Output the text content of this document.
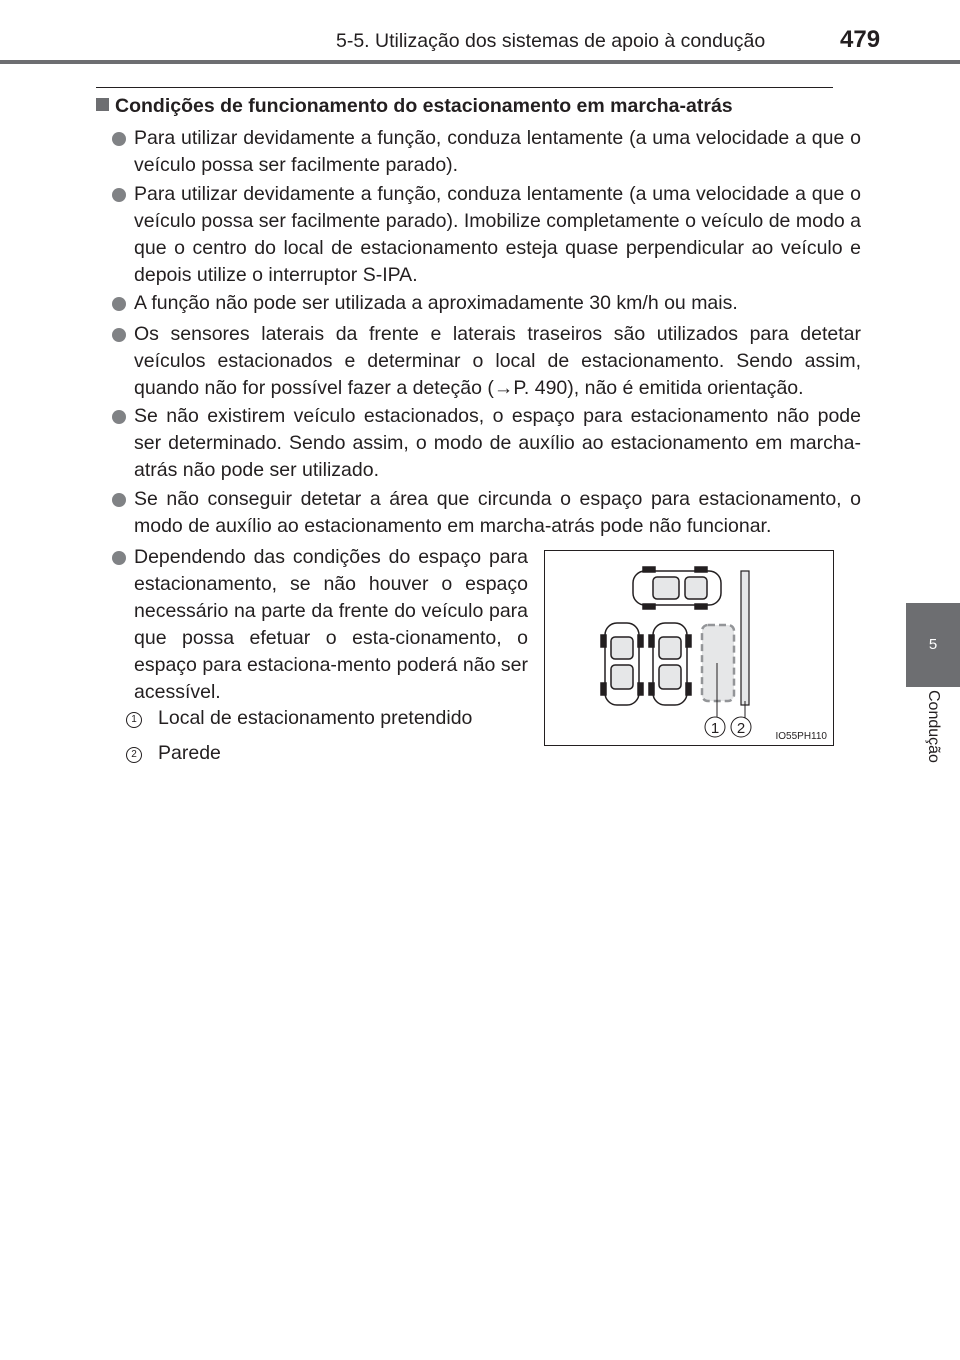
5-5. Utilização dos sistemas de apoio à condução	479
5
Condução
Condições de funcionamento do estacionamento em marcha-atrás
Para utilizar devidamente a função, conduza lentamente (a uma velocidade a que o veículo possa ser facilmente parado).
Para utilizar devidamente a função, conduza lentamente (a uma velocidade a que o veículo possa ser facilmente parado). Imobilize completamente o veículo de modo a que o centro do local de estacionamento esteja quase perpendicular ao veículo e depois utilize o interruptor S-IPA.
A função não pode ser utilizada a aproximadamente 30 km/h ou mais.
Os sensores laterais da frente e laterais traseiros são utilizados para detetar veículos estacionados e determinar o local de estacionamento. Sendo assim, quando não for possível fazer a deteção (→P. 490), não é emitida orientação.
Se não existirem veículo estacionados, o espaço para estacionamento não pode ser determinado. Sendo assim, o modo de auxílio ao estacionamento em marcha-atrás não pode ser utilizado.
Se não conseguir detetar a área que circunda o espaço para estacionamento, o modo de auxílio ao estacionamento em marcha-atrás pode não funcionar.
Dependendo das condições do espaço para estacionamento, se não houver o espaço necessário na parte da frente do veículo para que possa efetuar o esta-cionamento, o espaço para estaciona-mento poderá não ser acessível.
1 Local de estacionamento pretendido
2 Parede
1 2	IO55PH110
